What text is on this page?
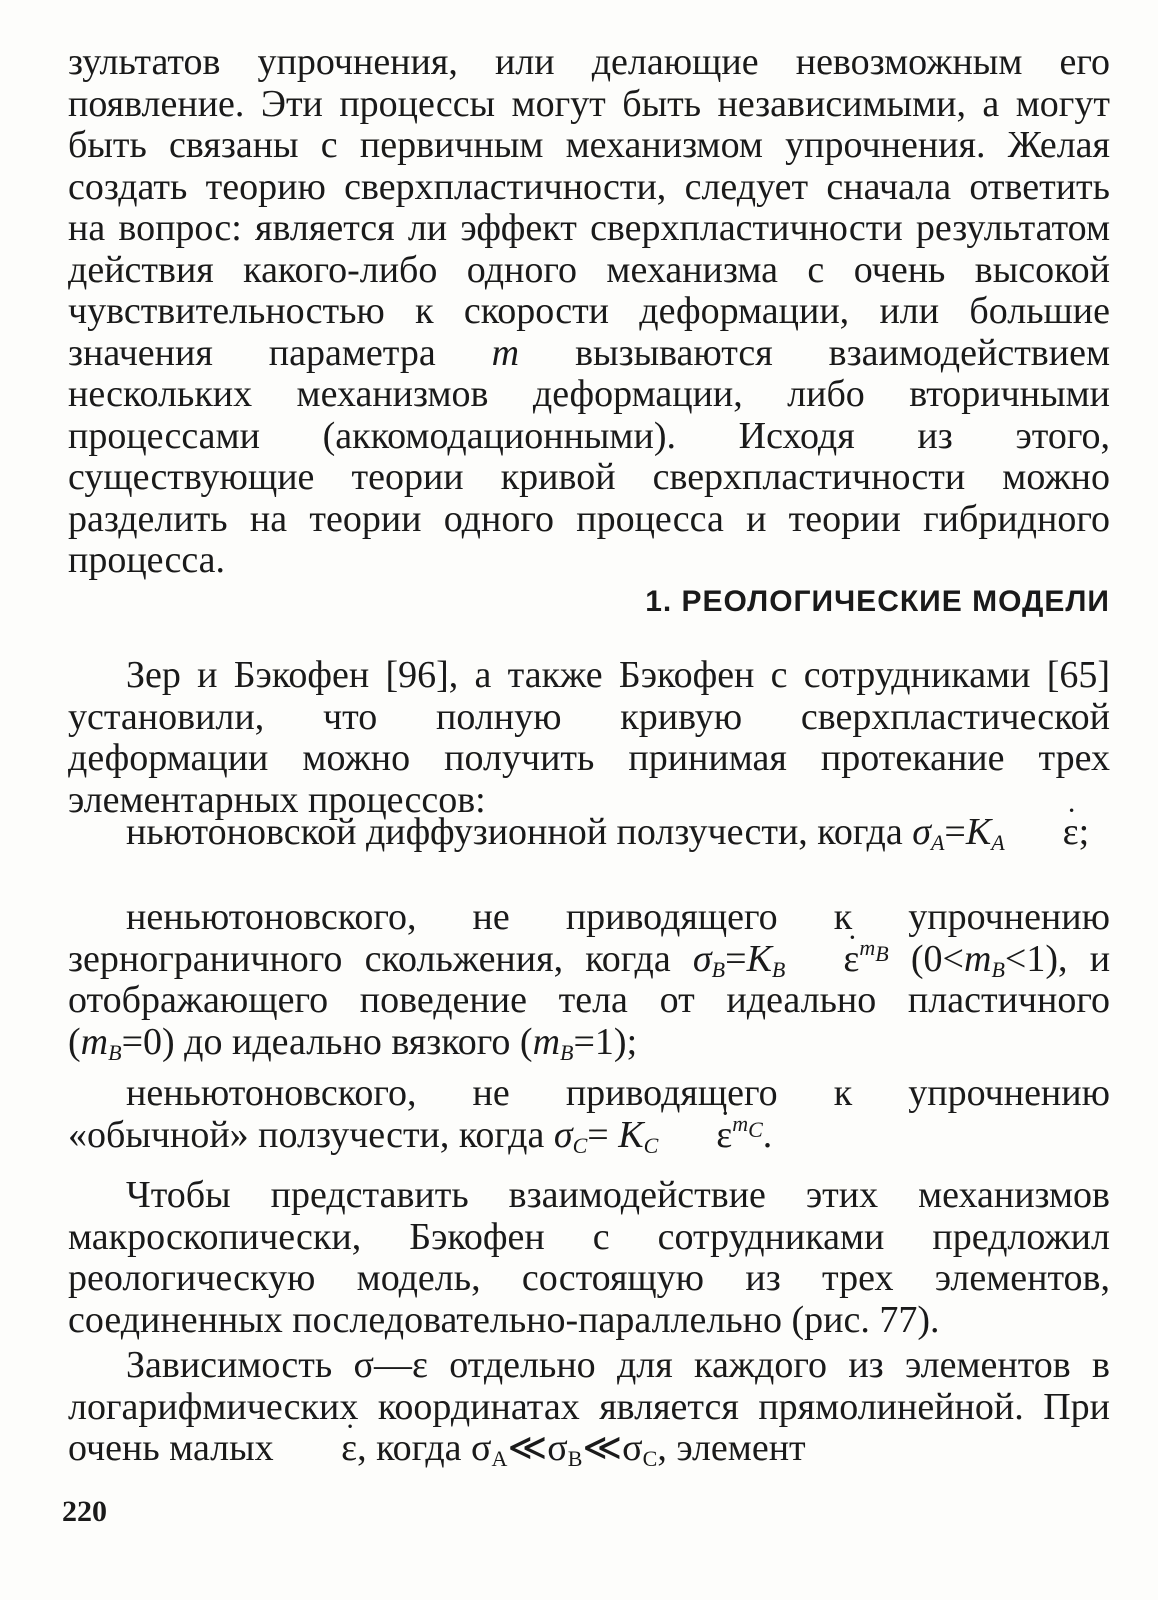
зультатов упрочнения, или делающие невозможным его появление. Эти процессы могут быть независимыми, а могут быть связаны с первичным механизмом упрочнения. Желая создать теорию сверхпластичности, следует сначала ответить на вопрос: является ли эффект сверхпластичности результатом действия какого-либо одного механизма с очень высокой чувствительностью к скорости деформации, или большие значения параметра m вызываются взаимодействием нескольких механизмов деформации, либо вторичными процессами (аккомодационными). Исходя из этого, существующие теории кривой сверхпластичности можно разделить на теории одного процесса и теории гибридного процесса.

1. РЕОЛОГИЧЕСКИЕ МОДЕЛИ

Зер и Бэкофен [96], а также Бэкофен с сотрудниками [65] установили, что полную кривую сверхпластической деформации можно получить принимая протекание трех элементарных процессов:

ньютоновской диффузионной ползучести, когда $\sigma_A=K_A \cdot \varepsilon$;

неньютоновского, не приводящего к упрочнению зернограничного скольжения, когда $\sigma_B=K_B \cdot \varepsilon^{m_B}$ $(0<m_B<1)$, и отображающего поведение тела от идеально пластичного $(m_B=0)$ до идеально вязкого $(m_B=1)$;

неньютоновского, не приводящего к упрочнению «обычной» ползучести, когда $\sigma_C= K_C \cdot \varepsilon^{m_C}$.

Чтобы представить взаимодействие этих механизмов макроскопически, Бэкофен с сотрудниками предложил реологическую модель, состоящую из трех элементов, соединенных последовательно-параллельно (рис. 77).

Зависимость σ—ε отдельно для каждого из элементов в логарифмических координатах является прямолинейной. При очень малых · ε, когда $\sigma_A≪\sigma_B≪\sigma_C$, элемент

220
